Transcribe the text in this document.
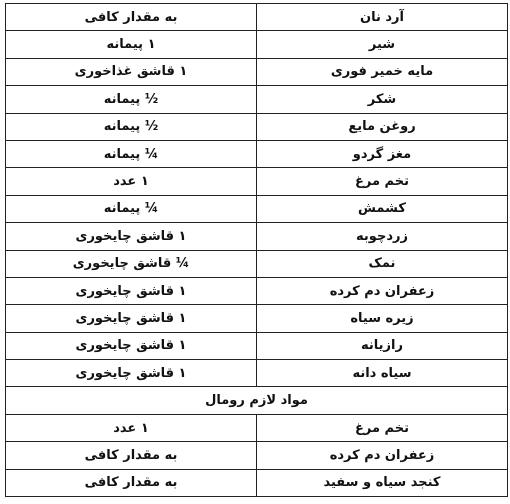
آرد نان	به مقدار کافی
شیر	۱ پیمانه
مایه خمیر فوری	۱ قاشق غذاخوری
شکر	½ پیمانه
روغن مایع	½ پیمانه
مغز گردو	¼ پیمانه
تخم مرغ	۱ عدد
کشمش	¼ پیمانه
زردچوبه	۱ قاشق چایخوری
نمک	¼ قاشق چایخوری
زعفران دم کرده	۱ قاشق چایخوری
زیره سیاه	۱ قاشق چایخوری
رازیانه	۱ قاشق چایخوری
سیاه دانه	۱ قاشق چایخوری
مواد لازم رومال	
تخم مرغ	۱ عدد
زعفران دم کرده	به مقدار کافی
کنجد سیاه و سفید	به مقدار کافی
